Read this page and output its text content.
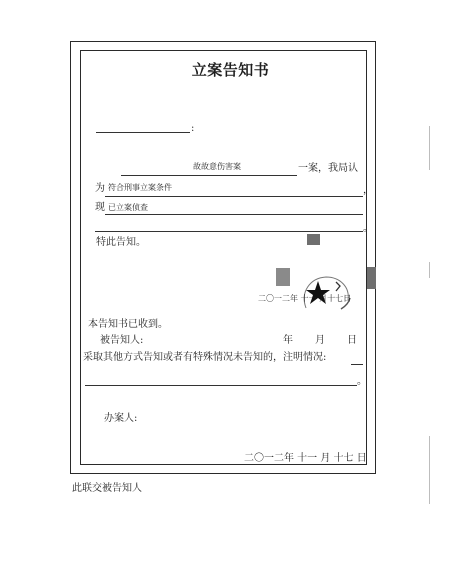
立案告知书
:
故故意伤害案	一案，我局认
为 符合刑事立案条件	，
现 已立案侦查
。
特此告知。
二〇一二年 十一 月十七日
本告知书已收到。
被告知人:	年 月 日
采取其他方式告知或者有特殊情况未告知的，注明情况:
。
办案人:
二〇一二年 十一 月 十七 日
此联交被告知人
